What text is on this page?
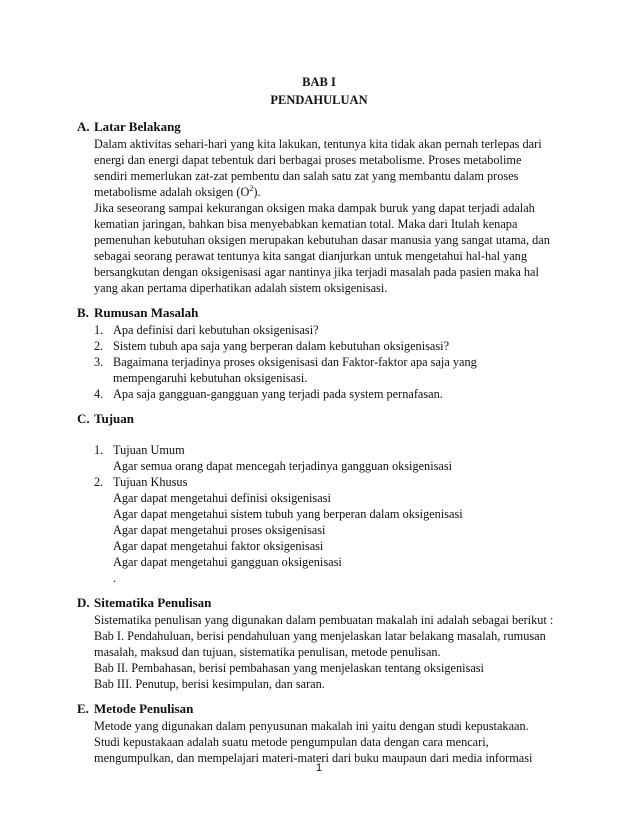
BAB I
PENDAHULUAN
A. Latar Belakang
Dalam aktivitas sehari-hari yang kita lakukan, tentunya kita tidak akan pernah terlepas dari
energi dan energi dapat tebentuk dari berbagai proses metabolisme. Proses metabolime
sendiri memerlukan zat-zat pembentu dan salah satu zat yang membantu dalam proses
metabolisme adalah oksigen $(O^2)$.
Jika seseorang sampai kekurangan oksigen maka dampak buruk yang dapat terjadi adalah
kematian jaringan, bahkan bisa menyebabkan kematian total. Maka dari Itulah kenapa
pemenuhan kebutuhan oksigen merupakan kebutuhan dasar manusia yang sangat utama, dan
sebagai seorang perawat tentunya kita sangat dianjurkan untuk mengetahui hal-hal yang
bersangkutan dengan oksigenisasi agar nantinya jika terjadi masalah pada pasien maka hal
yang akan pertama diperhatikan adalah sistem oksigenisasi.
B. Rumusan Masalah
1. Apa definisi dari kebutuhan oksigenisasi?
2. Sistem tubuh apa saja yang berperan dalam kebutuhan oksigenisasi?
3. Bagaimana terjadinya proses oksigenisasi dan Faktor-faktor apa saja yang
mempengaruhi kebutuhan oksigenisasi.
4. Apa saja gangguan-gangguan yang terjadi pada system pernafasan.
C. Tujuan
1. Tujuan Umum
Agar semua orang dapat mencegah terjadinya gangguan oksigenisasi
2. Tujuan Khusus
Agar dapat mengetahui definisi oksigenisasi
Agar dapat mengetahui sistem tubuh yang berperan dalam oksigenisasi
Agar dapat mengetahui proses oksigenisasi
Agar dapat mengetahui faktor oksigenisasi
Agar dapat mengetahui gangguan oksigenisasi
.
D. Sitematika Penulisan
Sistematika penulisan yang digunakan dalam pembuatan makalah ini adalah sebagai berikut :
Bab I. Pendahuluan, berisi pendahuluan yang menjelaskan latar belakang masalah, rumusan
masalah, maksud dan tujuan, sistematika penulisan, metode penulisan.
Bab II. Pembahasan, berisi pembahasan yang menjelaskan tentang oksigenisasi
Bab III. Penutup, berisi kesimpulan, dan saran.
E. Metode Penulisan
Metode yang digunakan dalam penyusunan makalah ini yaitu dengan studi kepustakaan.
Studi kepustakaan adalah suatu metode pengumpulan data dengan cara mencari,
mengumpulkan, dan mempelajari materi-materi dari buku maupaun dari media informasi
1
